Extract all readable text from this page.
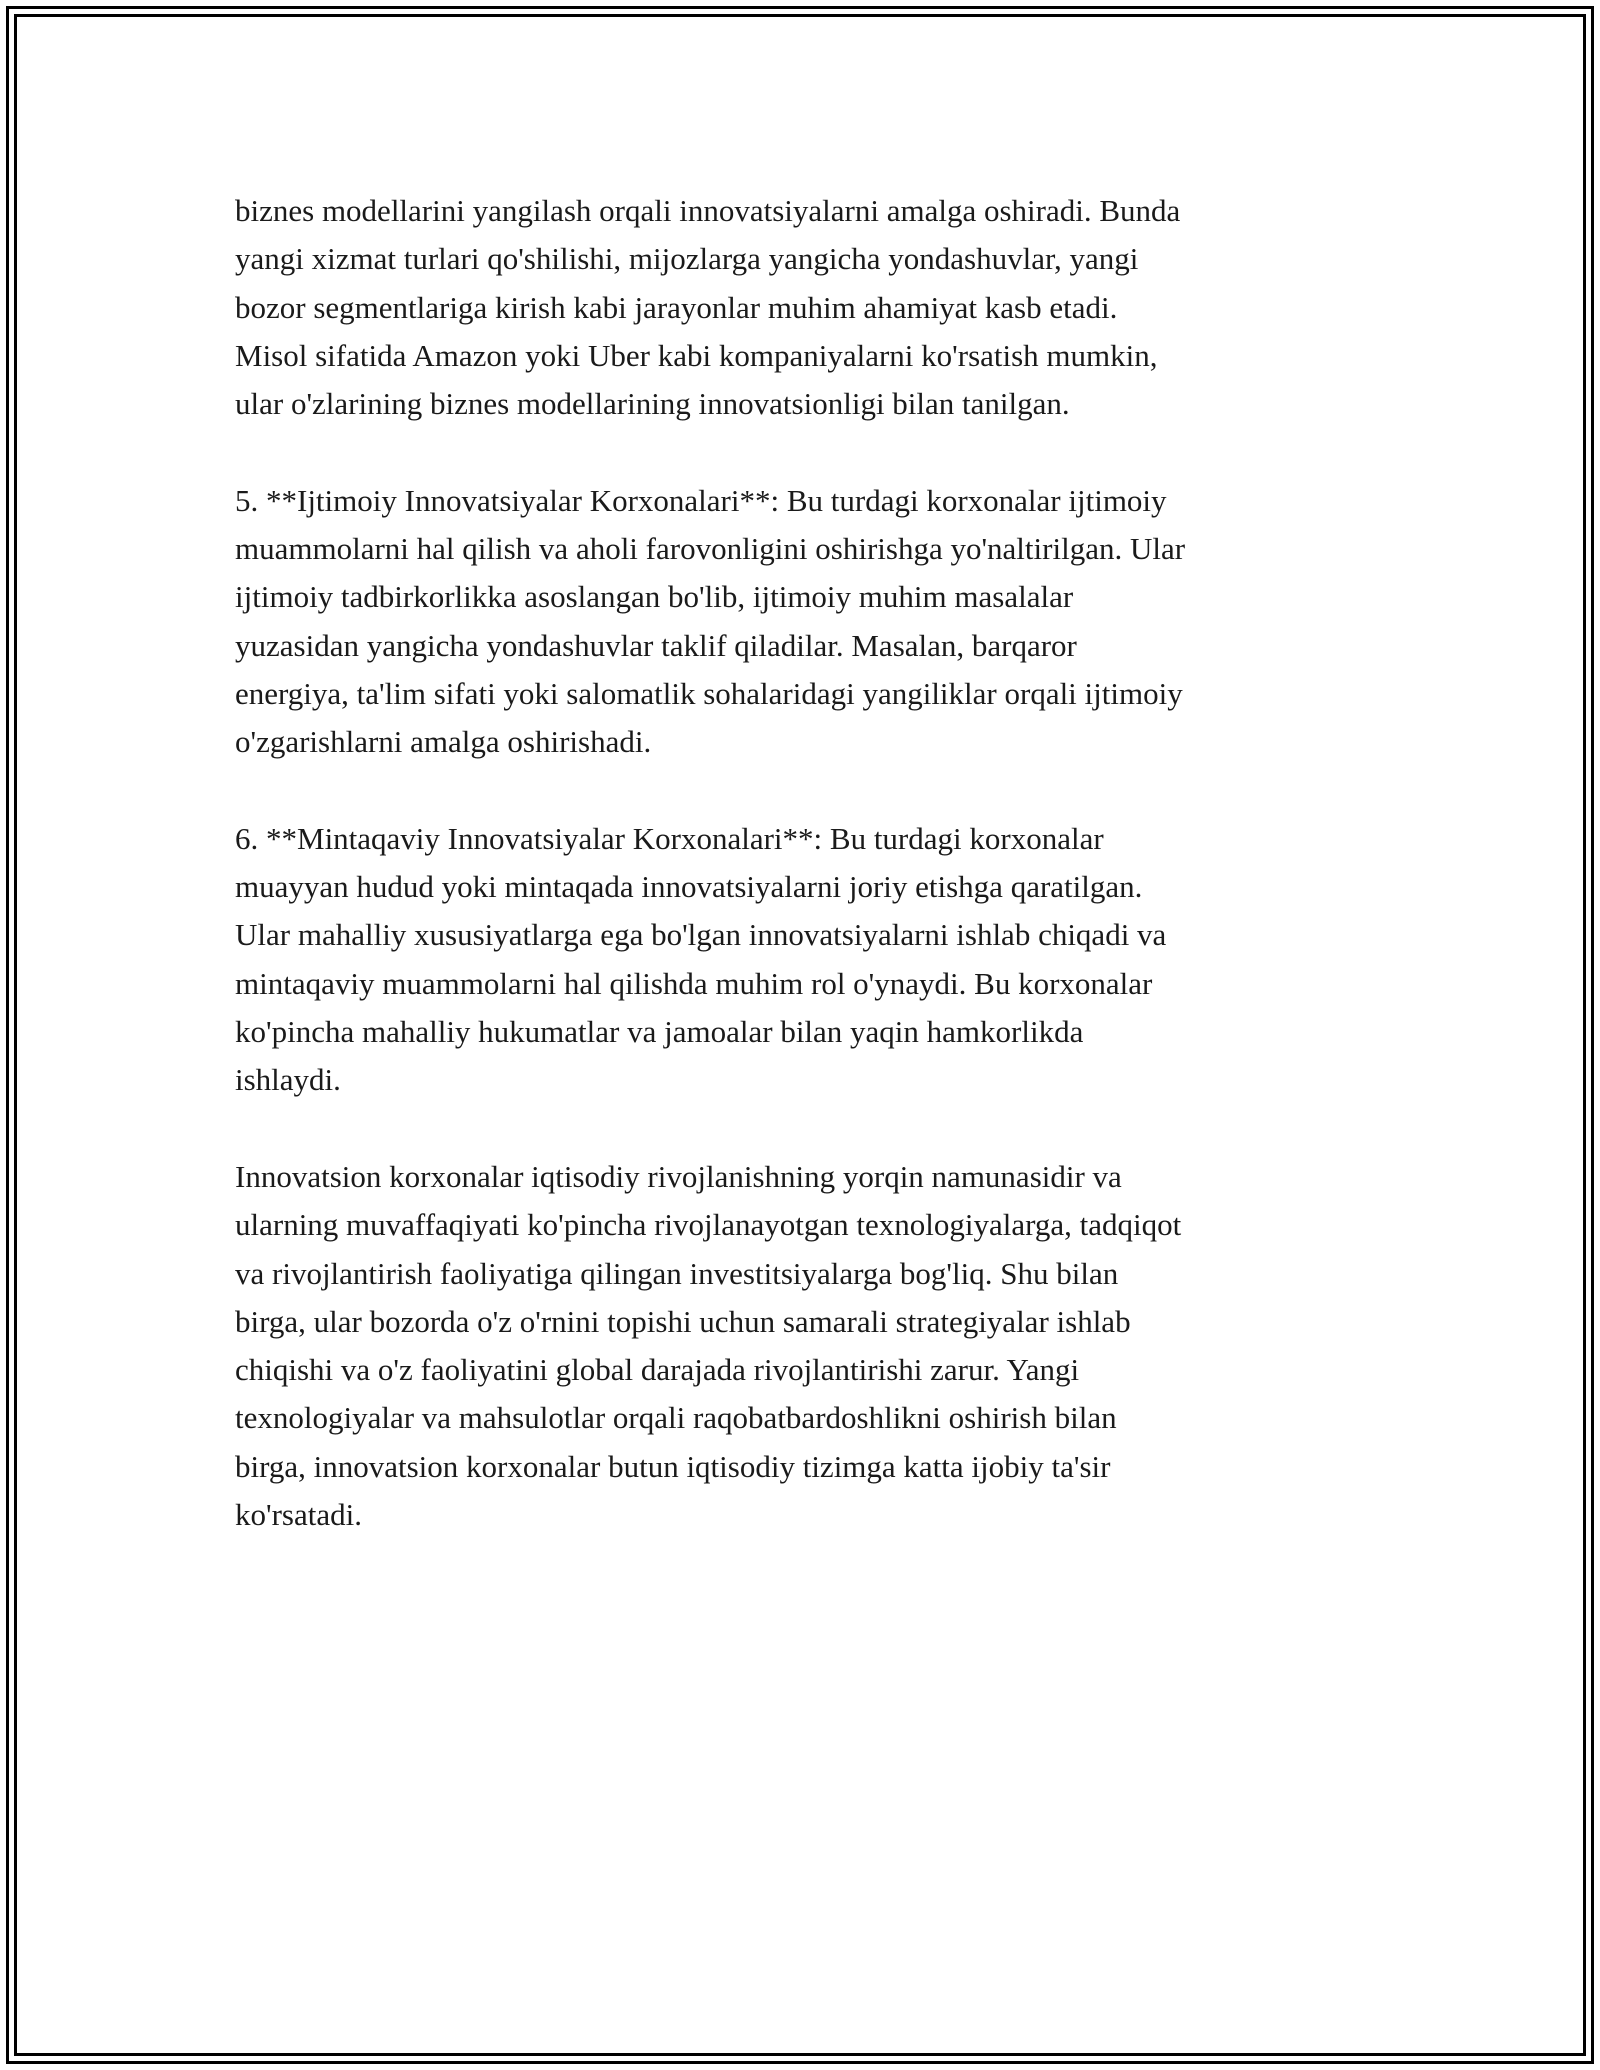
biznes modellarini yangilash orqali innovatsiyalarni amalga oshiradi. Bunda
yangi xizmat turlari qo'shilishi, mijozlarga yangicha yondashuvlar, yangi
bozor segmentlariga kirish kabi jarayonlar muhim ahamiyat kasb etadi.
Misol sifatida Amazon yoki Uber kabi kompaniyalarni ko'rsatish mumkin,
ular o'zlarining biznes modellarining innovatsionligi bilan tanilgan.

5. **Ijtimoiy Innovatsiyalar Korxonalari**: Bu turdagi korxonalar ijtimoiy
muammolarni hal qilish va aholi farovonligini oshirishga yo'naltirilgan. Ular
ijtimoiy tadbirkorlikka asoslangan bo'lib, ijtimoiy muhim masalalar
yuzasidan yangicha yondashuvlar taklif qiladilar. Masalan, barqaror
energiya, ta'lim sifati yoki salomatlik sohalaridagi yangiliklar orqali ijtimoiy
o'zgarishlarni amalga oshirishadi.

6. **Mintaqaviy Innovatsiyalar Korxonalari**: Bu turdagi korxonalar
muayyan hudud yoki mintaqada innovatsiyalarni joriy etishga qaratilgan.
Ular mahalliy xususiyatlarga ega bo'lgan innovatsiyalarni ishlab chiqadi va
mintaqaviy muammolarni hal qilishda muhim rol o'ynaydi. Bu korxonalar
ko'pincha mahalliy hukumatlar va jamoalar bilan yaqin hamkorlikda
ishlaydi.

Innovatsion korxonalar iqtisodiy rivojlanishning yorqin namunasidir va
ularning muvaffaqiyati ko'pincha rivojlanayotgan texnologiyalarga, tadqiqot
va rivojlantirish faoliyatiga qilingan investitsiyalarga bog'liq. Shu bilan
birga, ular bozorda o'z o'rnini topishi uchun samarali strategiyalar ishlab
chiqishi va o'z faoliyatini global darajada rivojlantirishi zarur. Yangi
texnologiyalar va mahsulotlar orqali raqobatbardoshlikni oshirish bilan
birga, innovatsion korxonalar butun iqtisodiy tizimga katta ijobiy ta'sir
ko'rsatadi.
